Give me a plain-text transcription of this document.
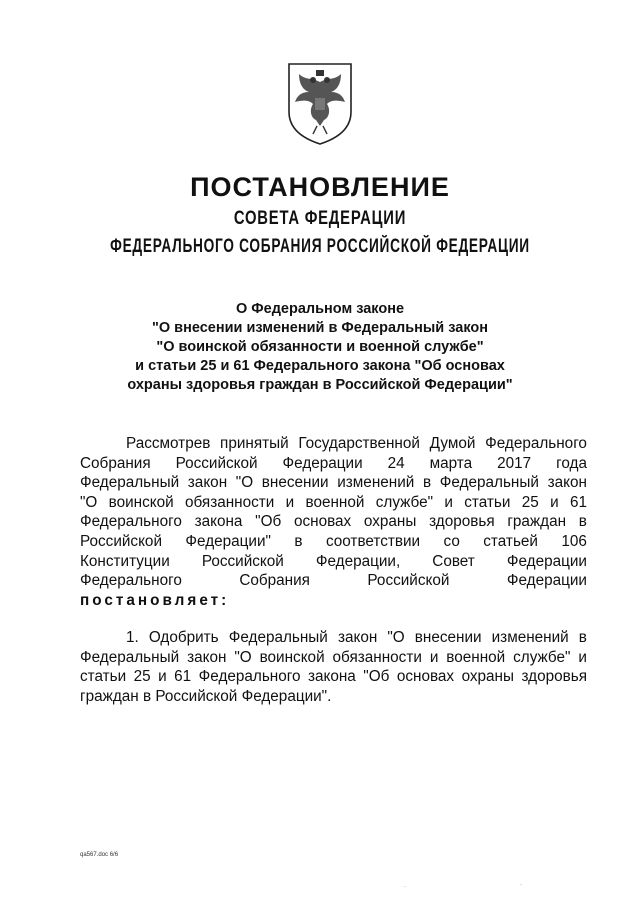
ПОСТАНОВЛЕНИЕ
СОВЕТА ФЕДЕРАЦИИ
ФЕДЕРАЛЬНОГО СОБРАНИЯ РОССИЙСКОЙ ФЕДЕРАЦИИ
О Федеральном законе
"О внесении изменений в Федеральный закон
"О воинской обязанности и военной службе"
и статьи 25 и 61 Федерального закона "Об основах
охраны здоровья граждан в Российской Федерации"
Рассмотрев принятый Государственной Думой Федерального
Собрания Российской Федерации 24 марта 2017 года
Федеральный закон "О внесении изменений в Федеральный закон
"О воинской обязанности и военной службе" и статьи 25 и 61
Федерального закона "Об основах охраны здоровья граждан в
Российской Федерации" в соответствии со статьей 106
Конституции Российской Федерации, Совет Федерации
Федерального	Собрания	Российской	Федерации
постановляет:
1. Одобрить Федеральный закон "О внесении изменений в
Федеральный закон "О воинской обязанности и военной службе" и
статьи 25 и 61 Федерального закона "Об основах охраны здоровья
граждан в Российской Федерации".
qa567.doc 6/6
·	·
